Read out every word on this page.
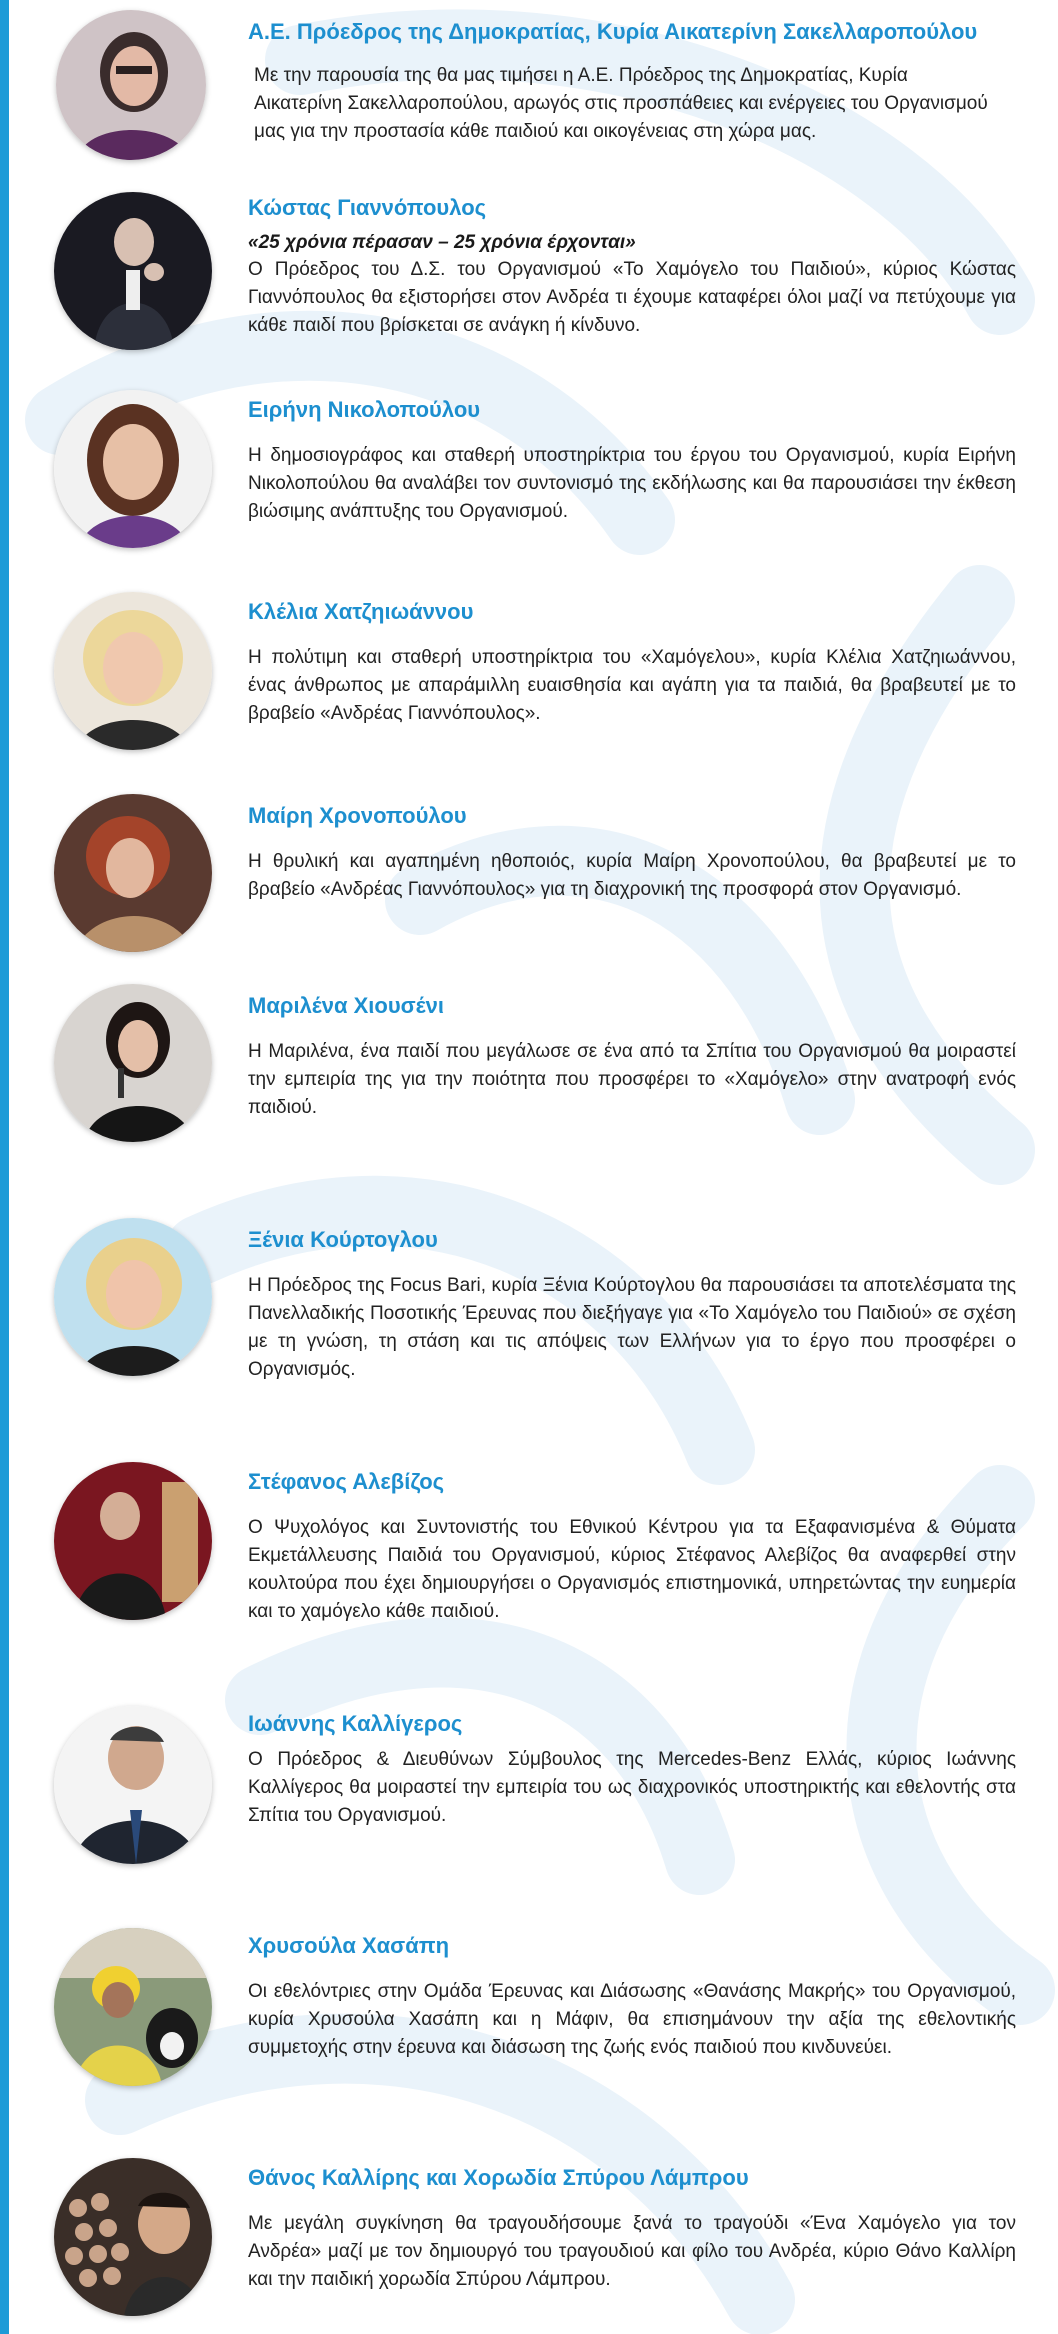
Α.Ε. Πρόεδρος της Δημοκρατίας, Κυρία Αικατερίνη Σακελλαροπούλου

Με την παρουσία της θα μας τιμήσει η Α.Ε. Πρόεδρος της Δημοκρατίας, Κυρία Αικατερίνη Σακελλαροπούλου, αρωγός στις προσπάθειες και ενέργειες του Οργανισμού μας για την προστασία κάθε παιδιού και οικογένειας στη χώρα μας.

Κώστας Γιαννόπουλος

«25 χρόνια πέρασαν – 25 χρόνια έρχονται»

Ο Πρόεδρος του Δ.Σ. του Οργανισμού «Το Χαμόγελο του Παιδιού», κύριος Κώστας Γιαννόπουλος θα εξιστορήσει στον Ανδρέα τι έχουμε καταφέρει όλοι μαζί να πετύχουμε για κάθε παιδί που βρίσκεται σε ανάγκη ή κίνδυνο.

Ειρήνη Νικολοπούλου

Η δημοσιογράφος και σταθερή υποστηρίκτρια του έργου του Οργανισμού, κυρία Ειρήνη Νικολοπούλου θα αναλάβει τον συντονισμό της εκδήλωσης και θα παρουσιάσει την έκθεση βιώσιμης ανάπτυξης του Οργανισμού.

Κλέλια Χατζηιωάννου

Η πολύτιμη και σταθερή υποστηρίκτρια του «Χαμόγελου», κυρία Κλέλια Χατζηιωάννου, ένας άνθρωπος με απαράμιλλη ευαισθησία και αγάπη για τα παιδιά, θα βραβευτεί με το βραβείο «Ανδρέας Γιαννόπουλος».

Μαίρη Χρονοπούλου

Η θρυλική και αγαπημένη ηθοποιός, κυρία Μαίρη Χρονοπούλου, θα βραβευτεί με το βραβείο «Ανδρέας Γιαννόπουλος» για τη διαχρονική της προσφορά στον Οργανισμό.

Μαριλένα Χιουσένι

Η Μαριλένα, ένα παιδί που μεγάλωσε σε ένα από τα Σπίτια του Οργανισμού θα μοιραστεί την εμπειρία της για την ποιότητα που προσφέρει το «Χαμόγελο» στην ανατροφή ενός παιδιού.

Ξένια Κούρτογλου

Η Πρόεδρος της Focus Bari, κυρία Ξένια Κούρτογλου θα παρουσιάσει τα αποτελέσματα της Πανελλαδικής Ποσοτικής Έρευνας που διεξήγαγε για «Το Χαμόγελο του Παιδιού» σε σχέση με τη γνώση, τη στάση και τις απόψεις των Ελλήνων για το έργο που προσφέρει ο Οργανισμός.

Στέφανος Αλεβίζος

Ο Ψυχολόγος και Συντονιστής του Εθνικού Κέντρου για τα Εξαφανισμένα & Θύματα Εκμετάλλευσης Παιδιά του Οργανισμού, κύριος Στέφανος Αλεβίζος θα αναφερθεί στην κουλτούρα που έχει δημιουργήσει ο Οργανισμός επιστημονικά, υπηρετώντας την ευημερία και το χαμόγελο κάθε παιδιού.

Ιωάννης Καλλίγερος

Ο Πρόεδρος & Διευθύνων Σύμβουλος της Mercedes-Benz Ελλάς, κύριος Ιωάννης Καλλίγερος θα μοιραστεί την εμπειρία του ως διαχρονικός υποστηρικτής και εθελοντής στα Σπίτια του Οργανισμού.

Χρυσούλα Χασάπη

Οι εθελόντριες στην Ομάδα Έρευνας και Διάσωσης «Θανάσης Μακρής» του Οργανισμού, κυρία Χρυσούλα Χασάπη και η Μάφιν, θα επισημάνουν την αξία της εθελοντικής συμμετοχής στην έρευνα και διάσωση της ζωής ενός παιδιού που κινδυνεύει.

Θάνος Καλλίρης και Χορωδία Σπύρου Λάμπρου

Με μεγάλη συγκίνηση θα τραγουδήσουμε ξανά το τραγούδι «Ένα Χαμόγελο για τον Ανδρέα» μαζί με τον δημιουργό του τραγουδιού και φίλο του Ανδρέα, κύριο Θάνο Καλλίρη και την παιδική χορωδία Σπύρου Λάμπρου.
